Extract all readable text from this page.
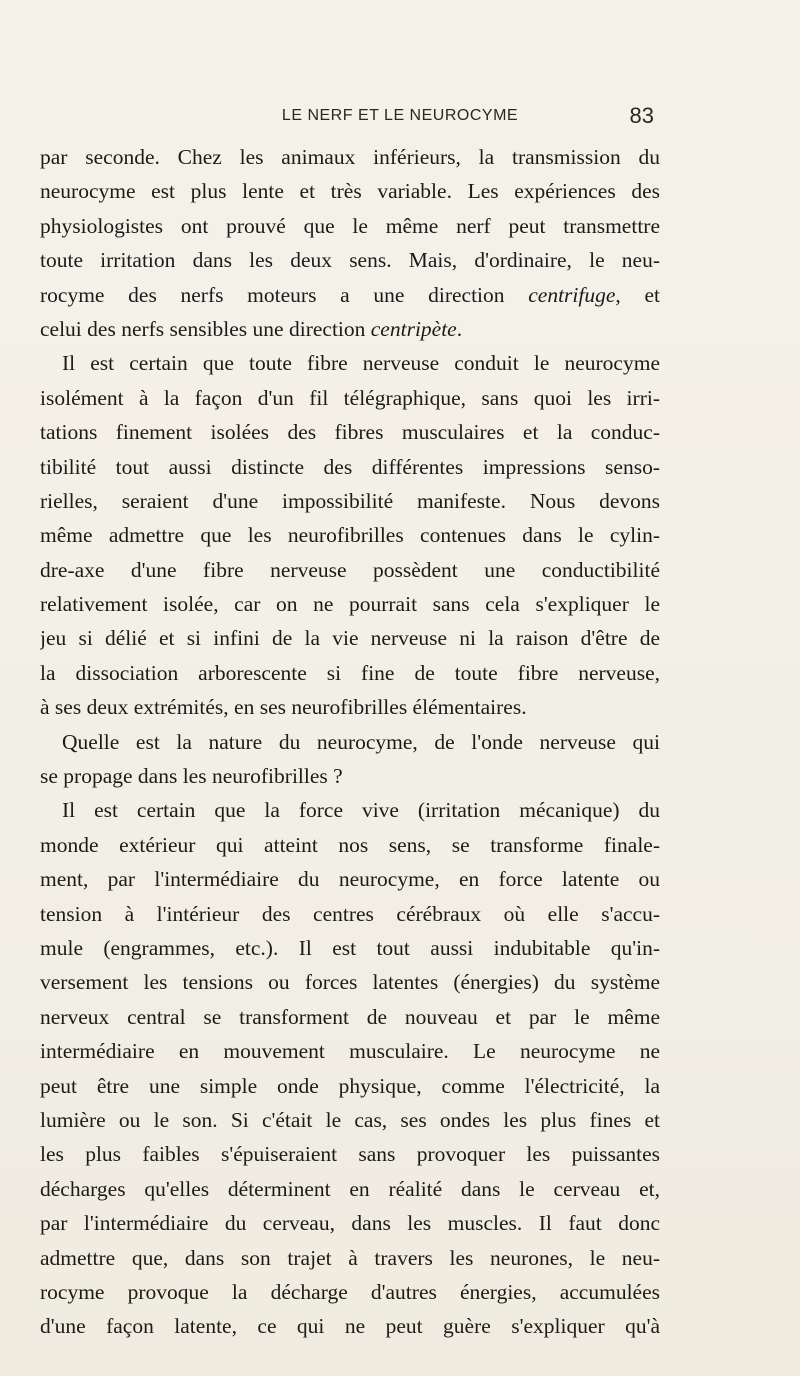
LE NERF ET LE NEUROCYME	83
par seconde. Chez les animaux inférieurs, la transmission du
neurocyme est plus lente et très variable. Les expériences des
physiologistes ont prouvé que le même nerf peut transmettre
toute irritation dans les deux sens. Mais, d'ordinaire, le neu-
rocyme des nerfs moteurs a une direction centrifuge, et
celui des nerfs sensibles une direction centripète.
Il est certain que toute fibre nerveuse conduit le neurocyme
isolément à la façon d'un fil télégraphique, sans quoi les irri-
tations finement isolées des fibres musculaires et la conduc-
tibilité tout aussi distincte des différentes impressions senso-
rielles, seraient d'une impossibilité manifeste. Nous devons
même admettre que les neurofibrilles contenues dans le cylin-
dre-axe d'une fibre nerveuse possèdent une conductibilité
relativement isolée, car on ne pourrait sans cela s'expliquer le
jeu si délié et si infini de la vie nerveuse ni la raison d'être de
la dissociation arborescente si fine de toute fibre nerveuse,
à ses deux extrémités, en ses neurofibrilles élémentaires.
Quelle est la nature du neurocyme, de l'onde nerveuse qui
se propage dans les neurofibrilles ?
Il est certain que la force vive (irritation mécanique) du
monde extérieur qui atteint nos sens, se transforme finale-
ment, par l'intermédiaire du neurocyme, en force latente ou
tension à l'intérieur des centres cérébraux où elle s'accu-
mule (engrammes, etc.). Il est tout aussi indubitable qu'in-
versement les tensions ou forces latentes (énergies) du système
nerveux central se transforment de nouveau et par le même
intermédiaire en mouvement musculaire. Le neurocyme ne
peut être une simple onde physique, comme l'électricité, la
lumière ou le son. Si c'était le cas, ses ondes les plus fines et
les plus faibles s'épuiseraient sans provoquer les puissantes
décharges qu'elles déterminent en réalité dans le cerveau et,
par l'intermédiaire du cerveau, dans les muscles. Il faut donc
admettre que, dans son trajet à travers les neurones, le neu-
rocyme provoque la décharge d'autres énergies, accumulées
d'une façon latente, ce qui ne peut guère s'expliquer qu'à
